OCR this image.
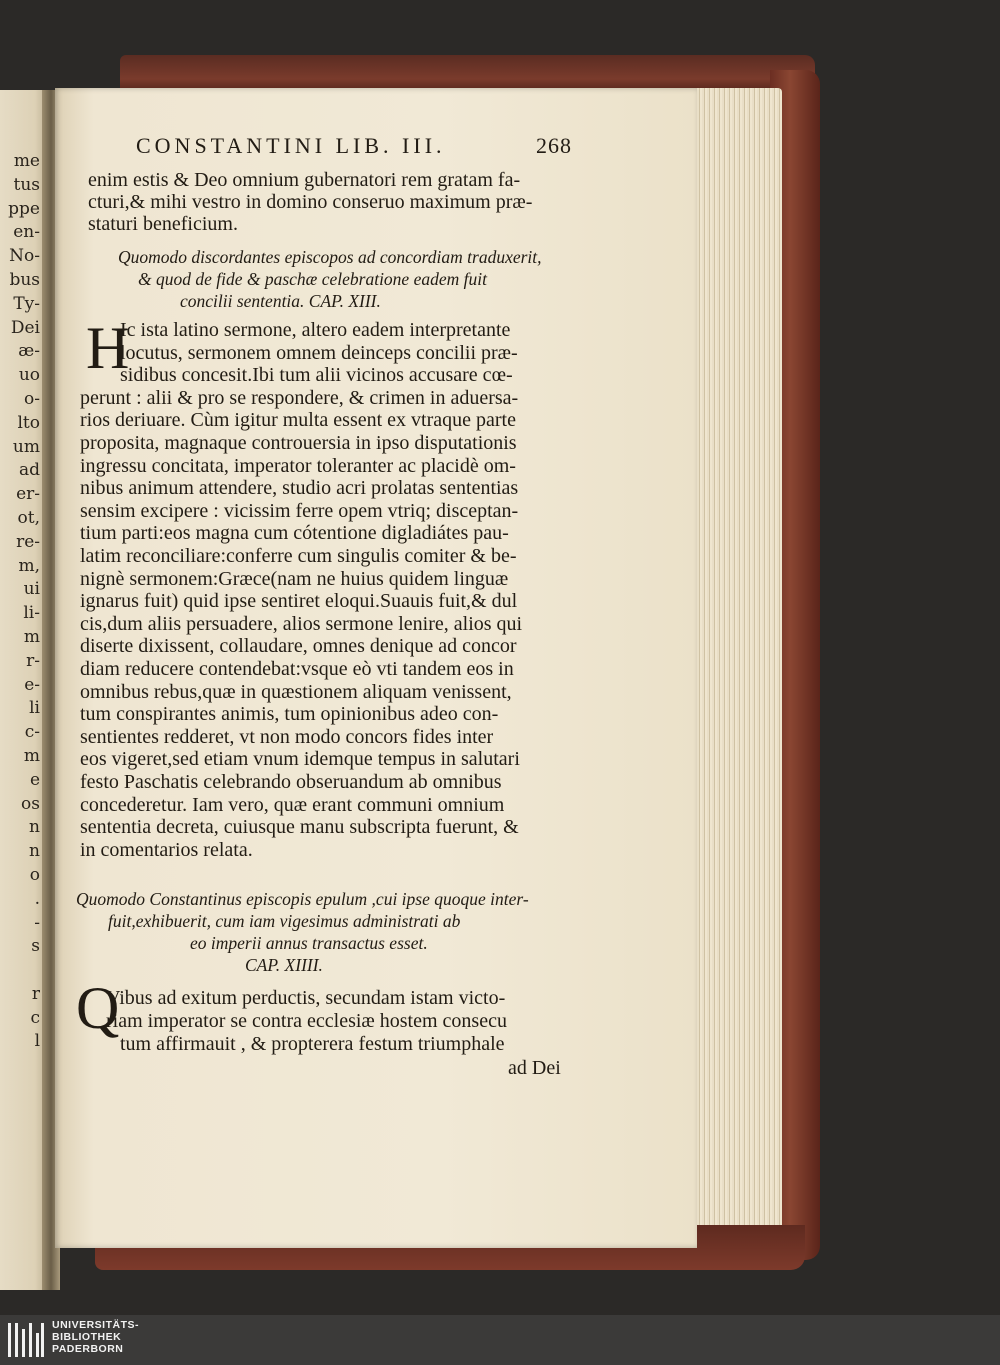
me
tus
ppe
en-
No-
bus
Ty-
Dei
æ-
uo
o-
lto
um
ad
er-
ot,
re-
m,
ui
li-
m
r-
e-
li
c-
m
e
os
n
n
o
.
-
s
r
c
l
CONSTANTINI LIB. III.	268
enim estis & Deo omnium gubernatori rem gratam fa-
cturi,& mihi vestro in domino conseruo maximum præ-
staturi beneficium.
Quomodo discordantes episcopos ad concordiam traduxerit,
& quod de fide & paschæ celebratione eadem fuit
concilii sententia. CAP. XIII.
H
Ic ista latino sermone, altero eadem interpretante
locutus, sermonem omnem deinceps concilii præ-
sidibus concesit.Ibi tum alii vicinos accusare cœ-
perunt : alii & pro se respondere, & crimen in aduersa-
rios deriuare. Cùm igitur multa essent ex vtraque parte
proposita, magnaque controuersia in ipso disputationis
ingressu concitata, imperator toleranter ac placidè om-
nibus animum attendere, studio acri prolatas sententias
sensim excipere : vicissim ferre opem vtriq; disceptan-
tium parti:eos magna cum cótentione digladiátes pau-
latim reconciliare:conferre cum singulis comiter & be-
nignè sermonem:Græce(nam ne huius quidem linguæ
ignarus fuit) quid ipse sentiret eloqui.Suauis fuit,& dul
cis,dum aliis persuadere, alios sermone lenire, alios qui
diserte dixissent, collaudare, omnes denique ad concor
diam reducere contendebat:vsque eò vti tandem eos in
omnibus rebus,quæ in quæstionem aliquam venissent,
tum conspirantes animis, tum opinionibus adeo con-
sentientes redderet, vt non modo concors fides inter
eos vigeret,sed etiam vnum idemque tempus in salutari
festo Paschatis celebrando obseruandum ab omnibus
concederetur. Iam vero, quæ erant communi omnium
sententia decreta, cuiusque manu subscripta fuerunt, &
in comentarios relata.
Quomodo Constantinus episcopis epulum ,cui ipse quoque inter-
fuit,exhibuerit, cum iam vigesimus administrati ab
eo imperii annus transactus esset.
CAP. XIIII.
Q
Vibus ad exitum perductis, secundam istam victo-
riam imperator se contra ecclesiæ hostem consecu
tum affirmauit , & propterera festum triumphale
ad Dei
UNIVERSITÄTS-
BIBLIOTHEK
PADERBORN
